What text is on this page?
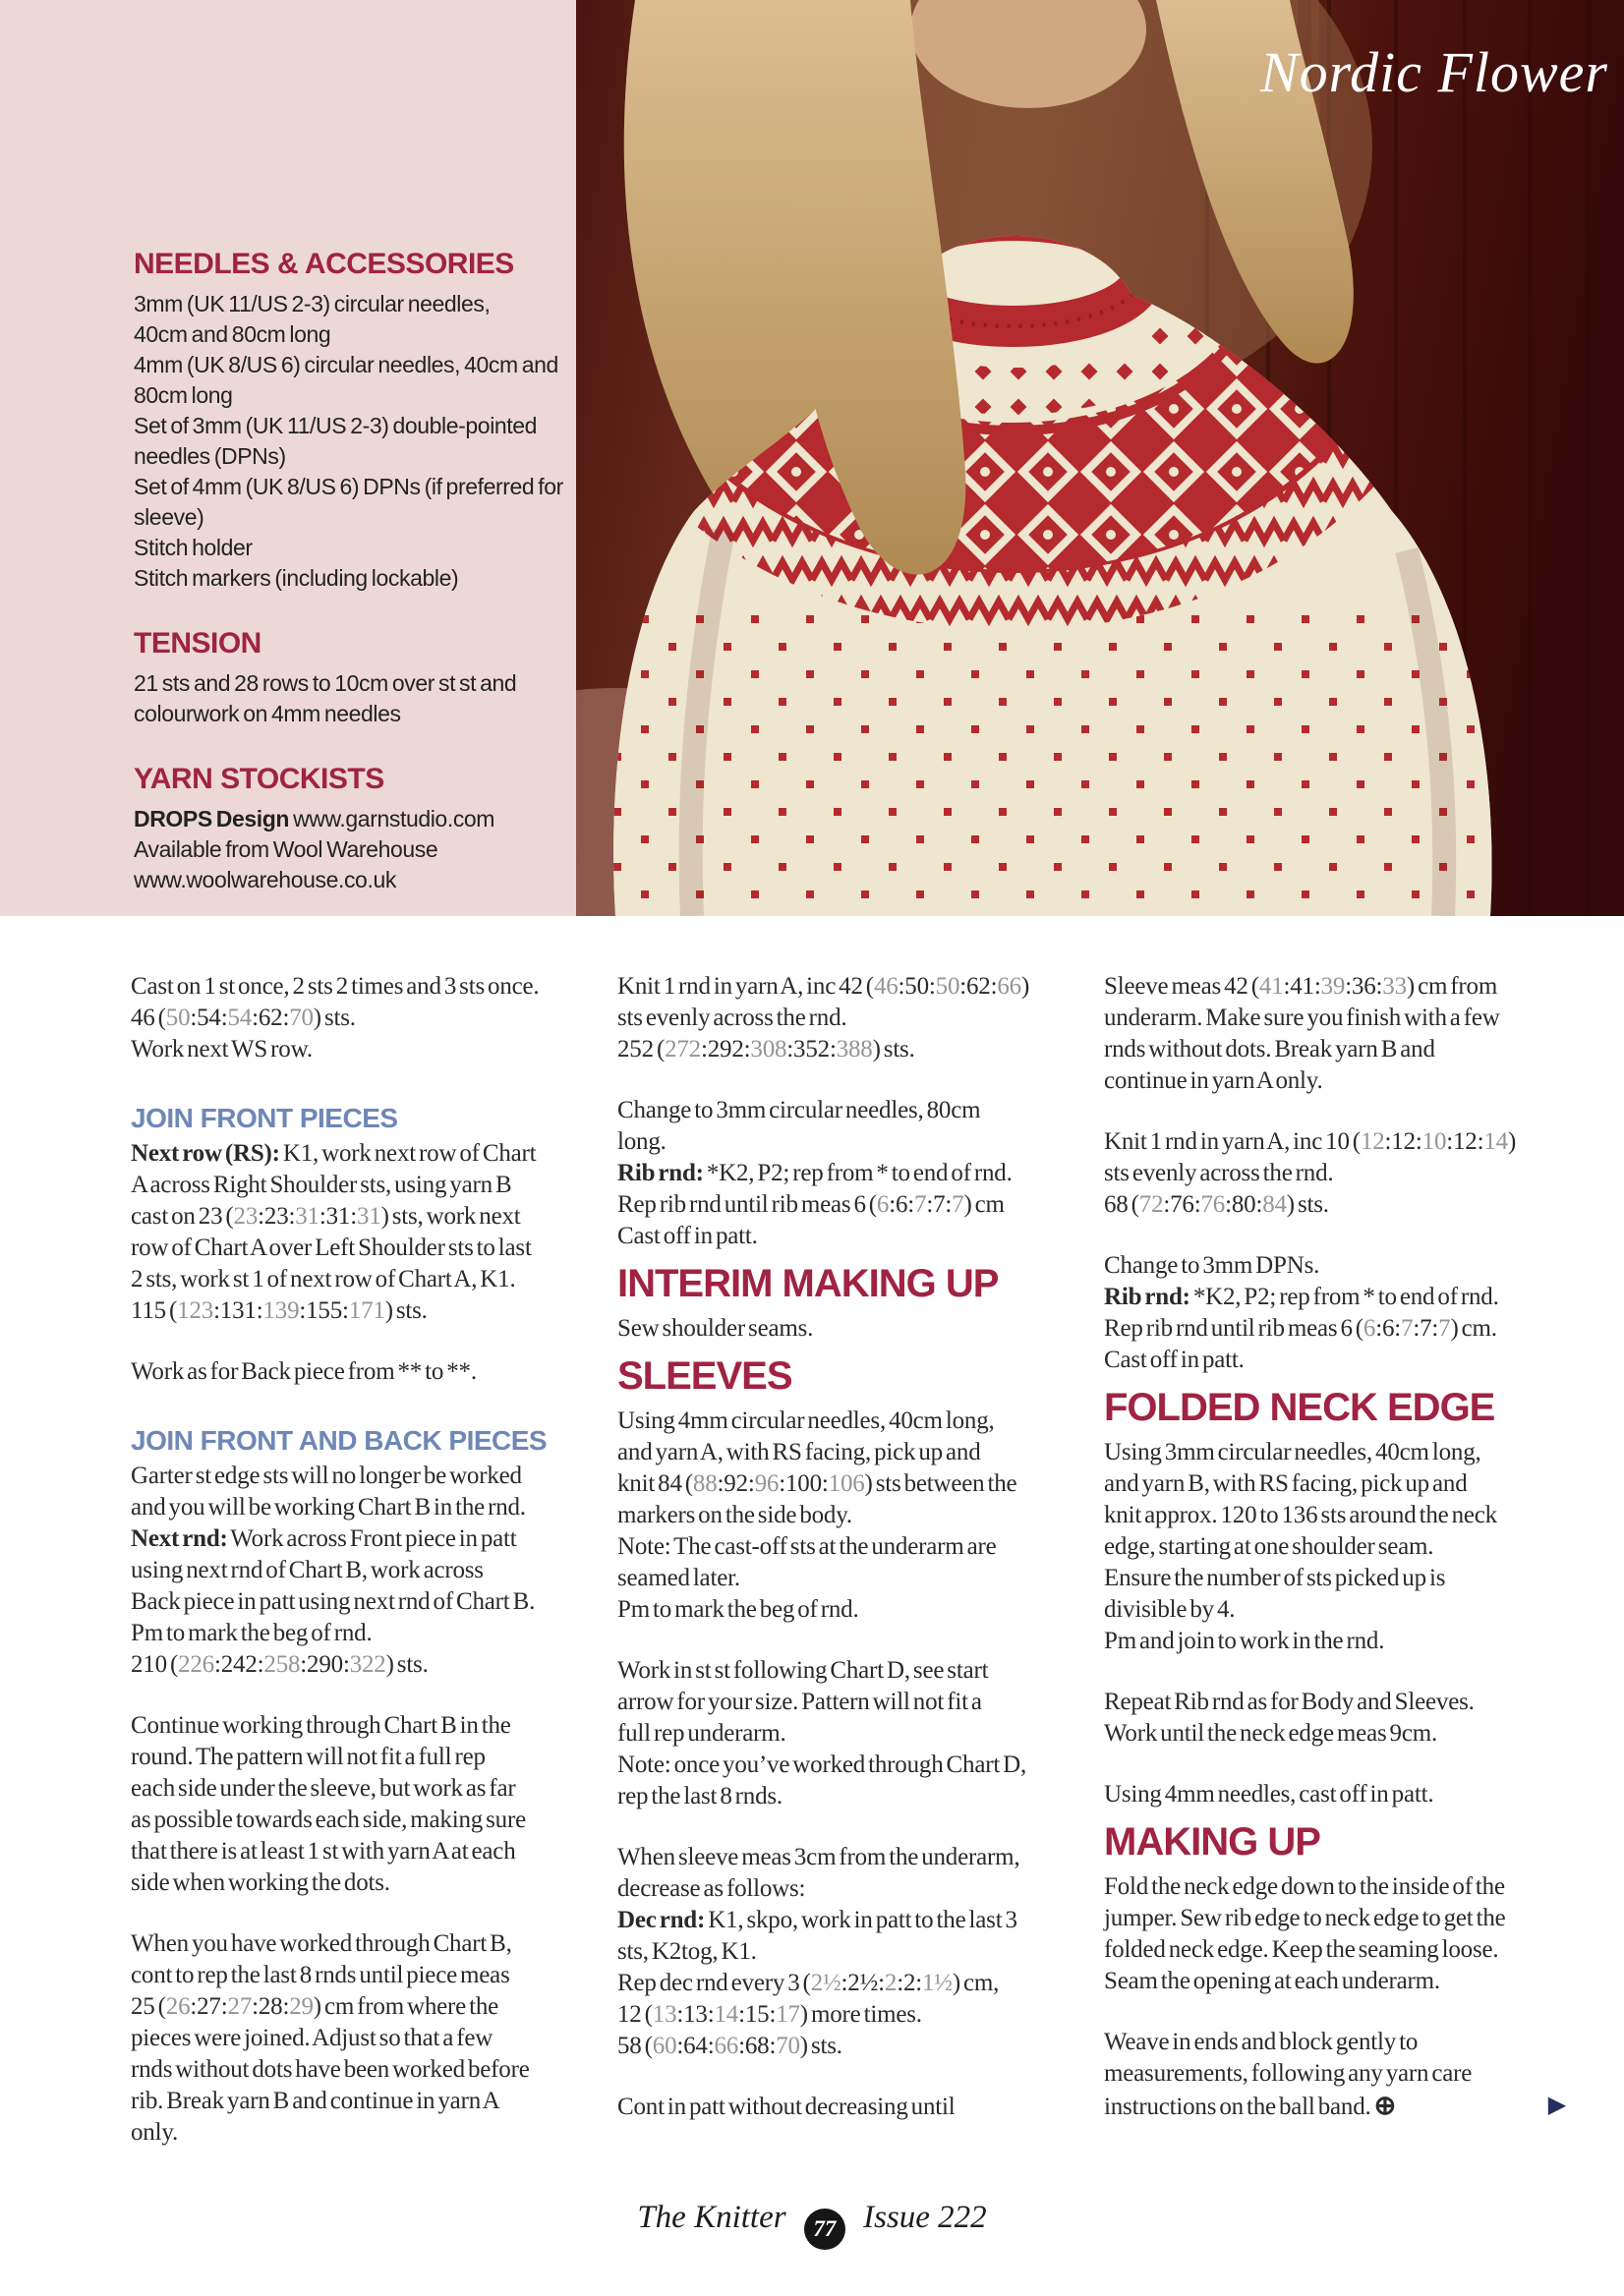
NEEDLES & ACCESSORIES
3mm (UK 11/US 2-3) circular needles,
40cm and 80cm long
4mm (UK 8/US 6) circular needles, 40cm and
80cm long
Set of 3mm (UK 11/US 2-3) double-pointed
needles (DPNs)
Set of 4mm (UK 8/US 6) DPNs (if preferred for
sleeve)
Stitch holder
Stitch markers (including lockable)
TENSION
21 sts and 28 rows to 10cm over st st and
colourwork on 4mm needles
YARN STOCKISTS
DROPS Design www.garnstudio.com
Available from Wool Warehouse
www.woolwarehouse.co.uk
Nordic Flower
Cast on 1 st once, 2 sts 2 times and 3 sts once.
46 (50:54:54:62:70) sts.
Work next WS row.
JOIN FRONT PIECES
Next row (RS): K1, work next row of Chart
A across Right Shoulder sts, using yarn B
cast on 23 (23:23:31:31:31) sts, work next
row of Chart A over Left Shoulder sts to last
2 sts, work st 1 of next row of Chart A, K1.
115 (123:131:139:155:171) sts.
Work as for Back piece from ** to **.
JOIN FRONT AND BACK PIECES
Garter st edge sts will no longer be worked
and you will be working Chart B in the rnd.
Next rnd: Work across Front piece in patt
using next rnd of Chart B, work across
Back piece in patt using next rnd of Chart B.
Pm to mark the beg of rnd.
210 (226:242:258:290:322) sts.
Continue working through Chart B in the
round. The pattern will not fit a full rep
each side under the sleeve, but work as far
as possible towards each side, making sure
that there is at least 1 st with yarn A at each
side when working the dots.
When you have worked through Chart B,
cont to rep the last 8 rnds until piece meas
25 (26:27:27:28:29) cm from where the
pieces were joined. Adjust so that a few
rnds without dots have been worked before
rib. Break yarn B and continue in yarn A
only.
Knit 1 rnd in yarn A, inc 42 (46:50:50:62:66)
sts evenly across the rnd.
252 (272:292:308:352:388) sts.
Change to 3mm circular needles, 80cm
long.
Rib rnd: *K2, P2; rep from * to end of rnd.
Rep rib rnd until rib meas 6 (6:6:7:7:7) cm
Cast off in patt.
INTERIM MAKING UP
Sew shoulder seams.
SLEEVES
Using 4mm circular needles, 40cm long,
and yarn A, with RS facing, pick up and
knit 84 (88:92:96:100:106) sts between the
markers on the side body.
Note: The cast-off sts at the underarm are
seamed later.
Pm to mark the beg of rnd.
Work in st st following Chart D, see start
arrow for your size. Pattern will not fit a
full rep underarm.
Note: once you’ve worked through Chart D,
rep the last 8 rnds.
When sleeve meas 3cm from the underarm,
decrease as follows:
Dec rnd: K1, skpo, work in patt to the last 3
sts, K2tog, K1.
Rep dec rnd every 3 (2½:2½:2:2:1½) cm,
12 (13:13:14:15:17) more times.
58 (60:64:66:68:70) sts.
Cont in patt without decreasing until
Sleeve meas 42 (41:41:39:36:33) cm from
underarm. Make sure you finish with a few
rnds without dots. Break yarn B and
continue in yarn A only.
Knit 1 rnd in yarn A, inc 10 (12:12:10:12:14)
sts evenly across the rnd.
68 (72:76:76:80:84) sts.
Change to 3mm DPNs.
Rib rnd: *K2, P2; rep from * to end of rnd.
Rep rib rnd until rib meas 6 (6:6:7:7:7) cm.
Cast off in patt.
FOLDED NECK EDGE
Using 3mm circular needles, 40cm long,
and yarn B, with RS facing, pick up and
knit approx. 120 to 136 sts around the neck
edge, starting at one shoulder seam.
Ensure the number of sts picked up is
divisible by 4.
Pm and join to work in the rnd.
Repeat Rib rnd as for Body and Sleeves.
Work until the neck edge meas 9cm.
Using 4mm needles, cast off in patt.
MAKING UP
Fold the neck edge down to the inside of the
jumper. Sew rib edge to neck edge to get the
folded neck edge. Keep the seaming loose.
Seam the opening at each underarm.
Weave in ends and block gently to
measurements, following any yarn care
instructions on the ball band. ⊕	▶
The Knitter 77 Issue 222
